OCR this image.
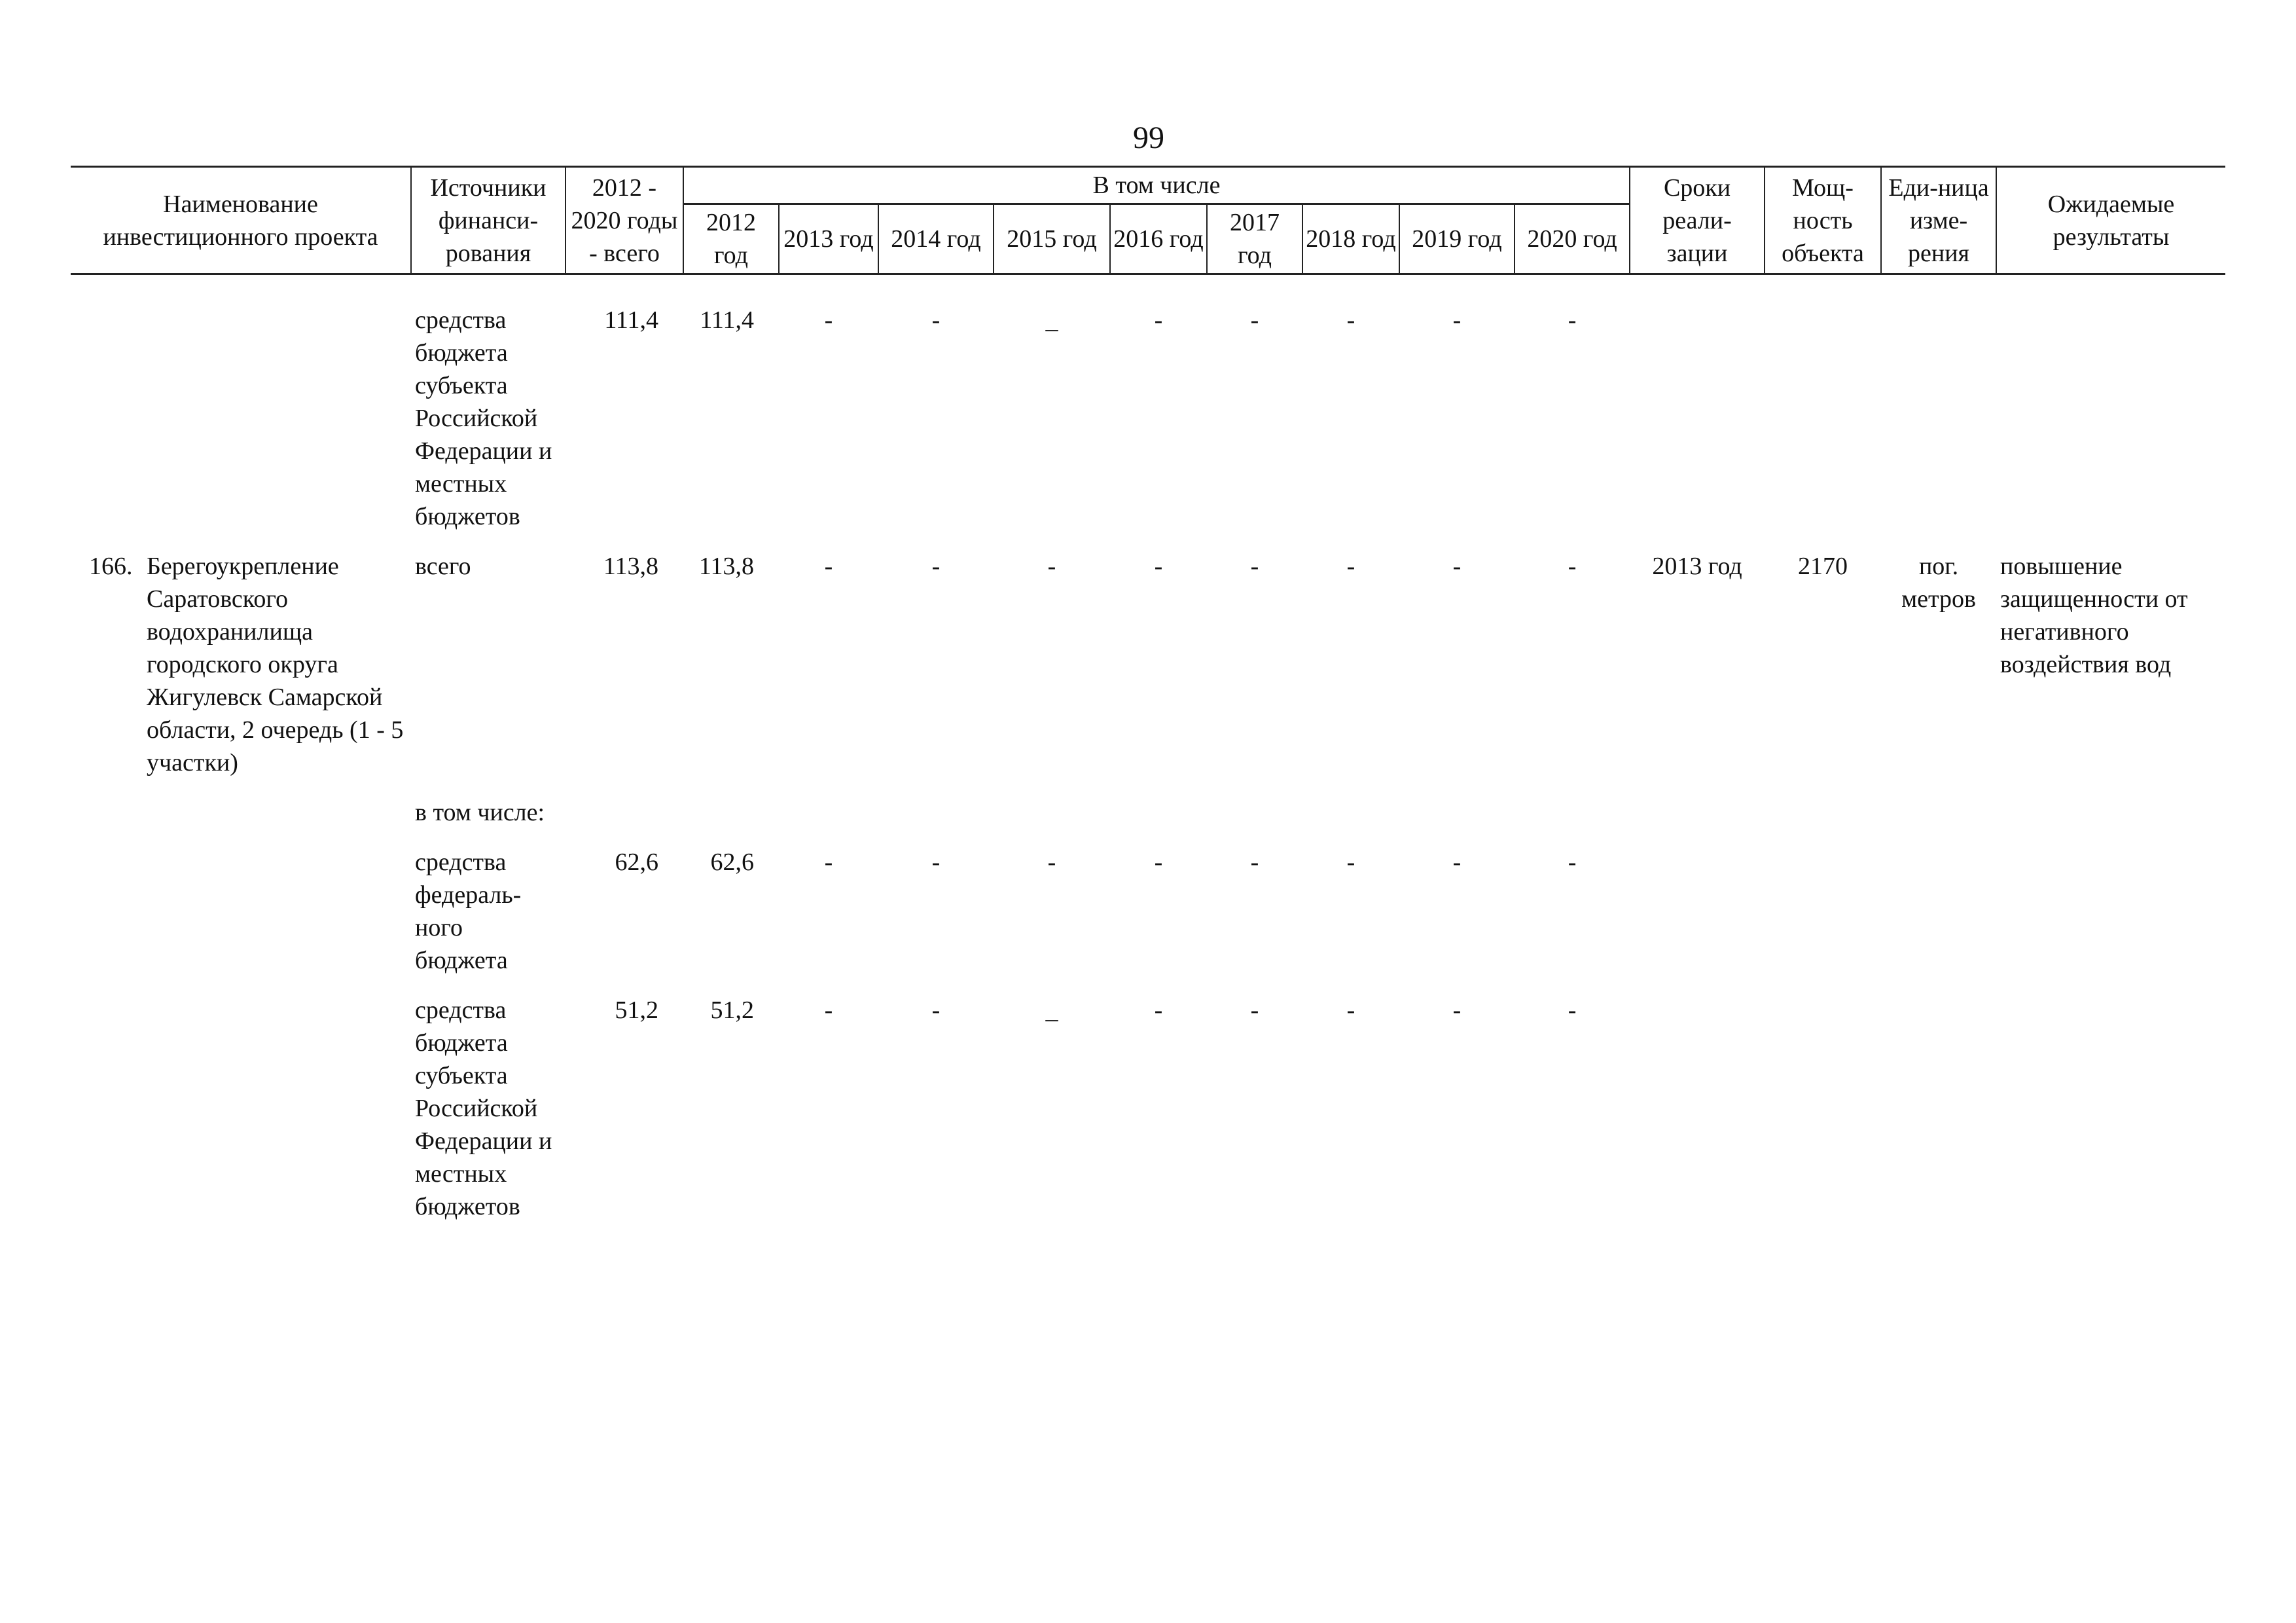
99
Наименование инвестиционного проекта	Источники финанси-рования	2012 - 2020 годы - всего	В том числе									Сроки реали-зации	Мощ-ность объекта	Еди-ница изме-рения	Ожидаемые результаты
			2012 год	2013 год	2014 год	2015 год	2016 год	2017 год	2018 год	2019 год	2020 год				

	средства бюджета субъекта Российской Федерации и местных бюджетов	111,4	111,4	-	-	_	-	-	-	-	-				

166. Берегоукрепление Саратовского водохранилища городского округа Жигулевск Самарской области, 2 очередь (1 - 5 участки)	всего	113,8	113,8	-	-	-	-	-	-	-	-	2013 год	2170	пог. метров	повышение защищенности от негативного воздействия вод

	в том числе:														

	средства федераль-ного бюджета	62,6	62,6	-	-	-	-	-	-	-	-				

	средства бюджета субъекта Российской Федерации и местных бюджетов	51,2	51,2	-	-	_	-	-	-	-	-				
